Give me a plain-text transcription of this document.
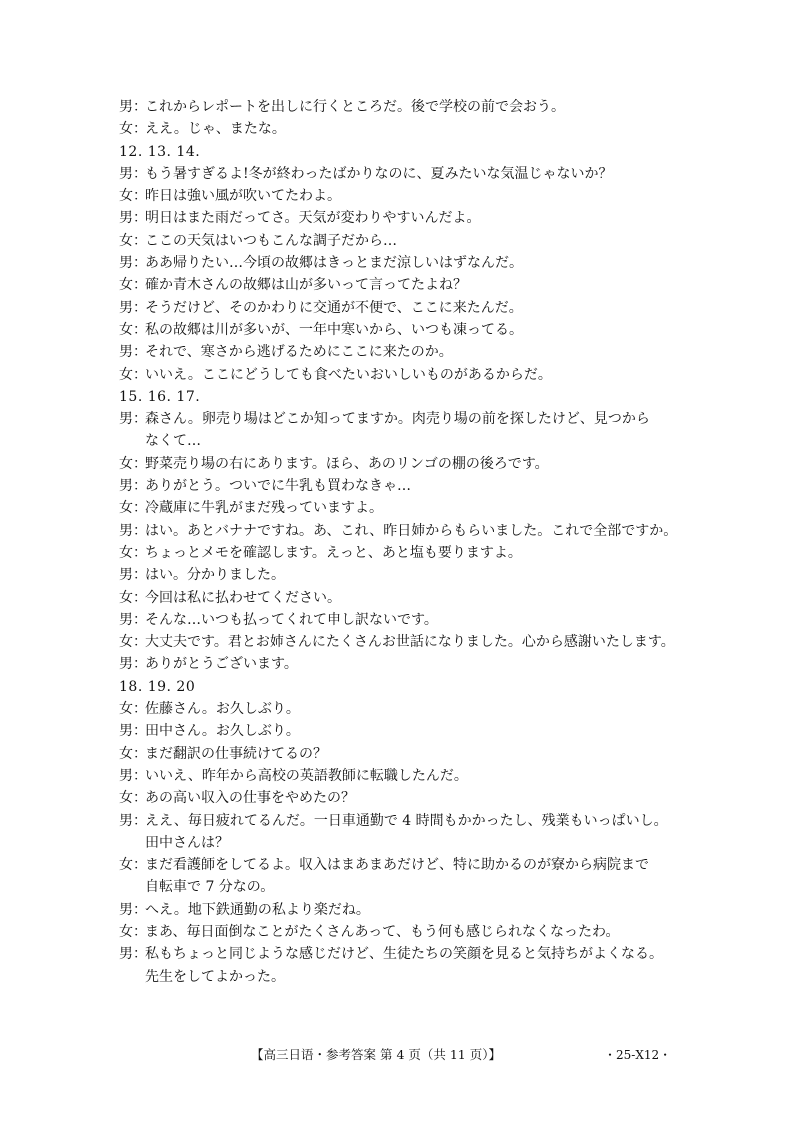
男：
これからレポートを出しに行くところだ。後で学校の前で会おう。
女：
ええ。じゃ、またな。
12. 13. 14.
男：
もう暑すぎるよ!冬が終わったばかりなのに、夏みたいな気温じゃないか？
女：
昨日は強い風が吹いてたわよ。
男：
明日はまた雨だってさ。天気が変わりやすいんだよ。
女：
ここの天気はいつもこんな調子だから…
男：
ああ帰りたい…今頃の故郷はきっとまだ涼しいはずなんだ。
女：
確か青木さんの故郷は山が多いって言ってたよね？
男：
そうだけど、そのかわりに交通が不便で、ここに来たんだ。
女：
私の故郷は川が多いが、一年中寒いから、いつも凍ってる。
男：
それで、寒さから逃げるためにここに来たのか。
女：
いいえ。ここにどうしても食べたいおいしいものがあるからだ。
15. 16. 17.
男：
森さん。卵売り場はどこか知ってますか。肉売り場の前を探したけど、見つから
なくて…
女：
野菜売り場の右にあります。ほら、あのリンゴの棚の後ろです。
男：
ありがとう。ついでに牛乳も買わなきゃ…
女：
冷蔵庫に牛乳がまだ残っていますよ。
男：
はい。あとバナナですね。あ、これ、昨日姉からもらいました。これで全部ですか。
女：
ちょっとメモを確認します。えっと、あと塩も要りますよ。
男：
はい。分かりました。
女：
今回は私に払わせてください。
男：
そんな…いつも払ってくれて申し訳ないです。
女：
大丈夫です。君とお姉さんにたくさんお世話になりました。心から感謝いたします。
男：
ありがとうございます。
18. 19. 20
女：
佐藤さん。お久しぶり。
男：
田中さん。お久しぶり。
女：
まだ翻訳の仕事続けてるの？
男：
いいえ、昨年から高校の英語教師に転職したんだ。
女：
あの高い収入の仕事をやめたの？
男：
ええ、毎日疲れてるんだ。一日車通勤で 4 時間もかかったし、残業もいっぱいし。
田中さんは？
女：
まだ看護師をしてるよ。収入はまあまあだけど、特に助かるのが寮から病院まで
自転車で 7 分なの。
男：
へえ。地下鉄通勤の私より楽だね。
女：
まあ、毎日面倒なことがたくさんあって、もう何も感じられなくなったわ。
男：
私もちょっと同じような感じだけど、生徒たちの笑顔を見ると気持ちがよくなる。
先生をしてよかった。
【高三日语・参考答案 第 4 页（共 11 页）】	・25-X12・
